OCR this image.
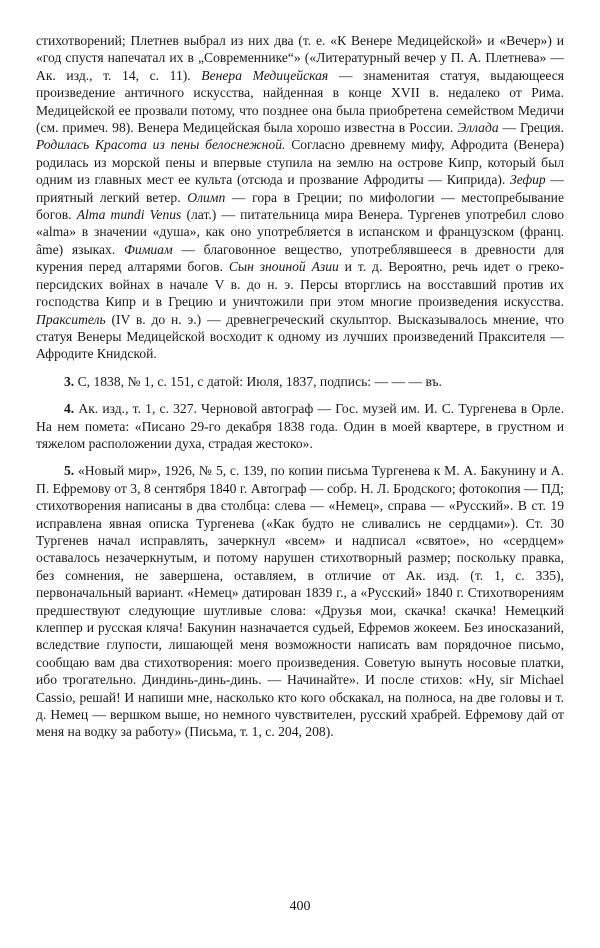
стихотворений; Плетнев выбрал из них два (т. е. «К Венере Медицейской» и «Вечер») и «год спустя напечатал их в „Современнике“» («Литературный вечер у П. А. Плетнева» — Ак. изд., т. 14, с. 11). Венера Медицейская — знаменитая статуя, выдающееся произведение античного искусства, найденная в конце XVII в. недалеко от Рима. Медицейской ее прозвали потому, что позднее она была приобретена семейством Медичи (см. примеч. 98). Венера Медицейская была хорошо известна в России. Эллада — Греция. Родилась Красота из пены белоснежной. Согласно древнему мифу, Афродита (Венера) родилась из морской пены и впервые ступила на землю на острове Кипр, который был одним из главных мест ее культа (отсюда и прозвание Афродиты — Киприда). Зефир — приятный легкий ветер. Олимп — гора в Греции; по мифологии — местопребывание богов. Alma mundi Venus (лат.) — питательница мира Венера. Тургенев употребил слово «alma» в значении «душа», как оно употребляется в испанском и французском (франц. âme) языках. Фимиам — благовонное вещество, употреблявшееся в древности для курения перед алтарями богов. Сын зноиной Азии и т. д. Вероятно, речь идет о греко-персидских войнах в начале V в. до н. э. Персы вторглись на восставший против их господства Кипр и в Грецию и уничтожили при этом многие произведения искусства. Пракситель (IV в. до н. э.) — древнегреческий скульптор. Высказывалось мнение, что статуя Венеры Медицейской восходит к одному из лучших произведений Праксителя — Афродите Книдской.

3. С, 1838, № 1, с. 151, с датой: Июля, 1837, подпись: — — — въ.

4. Ак. изд., т. 1, с. 327. Черновой автограф — Гос. музей им. И. С. Тургенева в Орле. На нем помета: «Писано 29-го декабря 1838 года. Один в моей квартере, в грустном и тяжелом расположении духа, страдая жестоко».

5. «Новый мир», 1926, № 5, с. 139, по копии письма Тургенева к М. А. Бакунину и А. П. Ефремову от 3, 8 сентября 1840 г. Автограф — собр. Н. Л. Бродского; фотокопия — ПД; стихотворения написаны в два столбца: слева — «Немец», справа — «Русский». В ст. 19 исправлена явная описка Тургенева («Как будто не сливались не сердцами»). Ст. 30 Тургенев начал исправлять, зачеркнул «всем» и надписал «святое», но «сердцем» оставалось незачеркнутым, и потому нарушен стихотворный размер; поскольку правка, без сомнения, не завершена, оставляем, в отличие от Ак. изд. (т. 1, с. 335), первоначальный вариант. «Немец» датирован 1839 г., а «Русский» 1840 г. Стихотворениям предшествуют следующие шутливые слова: «Друзья мои, скачка! скачка! Немецкий клеппер и русская кляча! Бакунин назначается судьей, Ефремов жокеем. Без иносказаний, вследствие глупости, лишающей меня возможности написать вам порядочное письмо, сообщаю вам два стихотворения: моего произведения. Советую вынуть носовые платки, ибо трогательно. Диндинь-динь-динь. — Начинайте». И после стихов: «Ну, sir Michael Cassio, решай! И напиши мне, насколько кто кого обскакал, на полноса, на две головы и т. д. Немец — вершком выше, но немного чувствителен, русский храбрей. Ефремову дай от меня на водку за работу» (Письма, т. 1, с. 204, 208).

400
